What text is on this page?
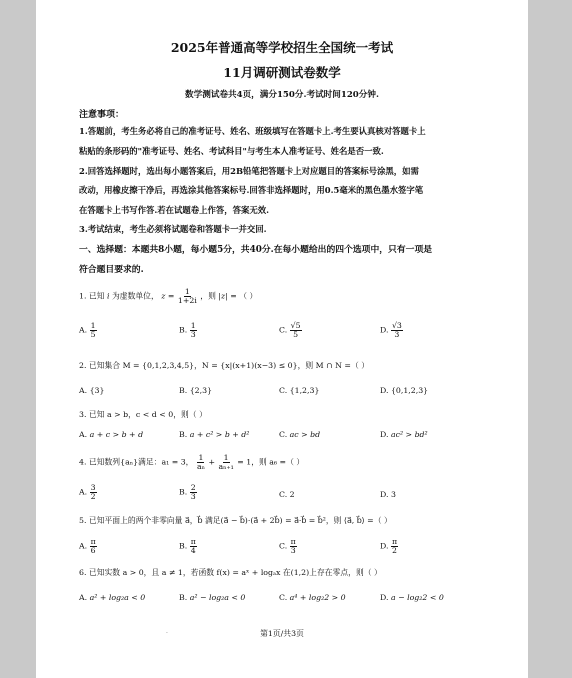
2025年普通高等学校招生全国统一考试
11月调研测试卷数学
数学测试卷共4页，满分150分.考试时间120分钟.
注意事项：
1.答题前，考生务必将自己的准考证号、姓名、班级填写在答题卡上.考生要认真核对答题卡上
粘贴的条形码的"准考证号、姓名、考试科目"与考生本人准考证号、姓名是否一致.
2.回答选择题时，选出每小题答案后，用2B铅笔把答题卡上对应题目的答案标号涂黑，如需
改动，用橡皮擦干净后，再选涂其他答案标号.回答非选择题时，用0.5毫米的黑色墨水签字笔
在答题卡上书写作答.若在试题卷上作答，答案无效.
3.考试结束，考生必须将试题卷和答题卡一并交回.
一、选择题：本题共8小题，每小题5分，共40分.在每小题给出的四个选项中，只有一项是
符合题目要求的.
1. 已知 i 为虚数单位， $z = \frac{1}{1+2i}$ ，则 |z| = （ ）
A. $\frac{1}{5}$	B. $\frac{1}{3}$	C. $\frac{√5}{5}$	D. $\frac{√3}{3}$
2. 已知集合 M = {0,1,2,3,4,5}，N = {x|(x+1)(x−3) ≤ 0}，则 M ∩ N =（ ）
A. {3}	B. {2,3}	C. {1,2,3}	D. {0,1,2,3}
3. 已知 a > b，c < d < 0，则（ ）
A. a + c > b + d	B. a + c² > b + d²	C. ac > bd	D. ac² > bd²
4. 已知数列{aₙ}满足：a₁ = 3， $\frac{1}{\text{aₙ}} + \frac{1}{\text{aₙ₊₁}} = 1$，则 a₆ =（ ）
A. $\frac{3}{2}$	B. $\frac{2}{3}$	C. 2	D. 3
5. 已知平面上的两个非零向量 a⃗，b⃗ 满足(a⃗ − b⃗)·(a⃗ + 2b⃗) = a⃗·b⃗ = b⃗²，则 ⟨a⃗, b⃗⟩ =（ ）
A. $\frac{\pi}{6}$	B. $\frac{\pi}{4}$	C. $\frac{\pi}{3}$	D. $\frac{\pi}{2}$
6. 已知实数 a > 0，且 a ≠ 1，若函数 f(x) = aˣ + logₐx 在(1,2)上存在零点，则（ ）
A. a² + log₂a < 0	B. a² − log₂a < 0	C. a⁴ + log₂2 > 0	D. a − log₂2 < 0
.	第1页/共3页
